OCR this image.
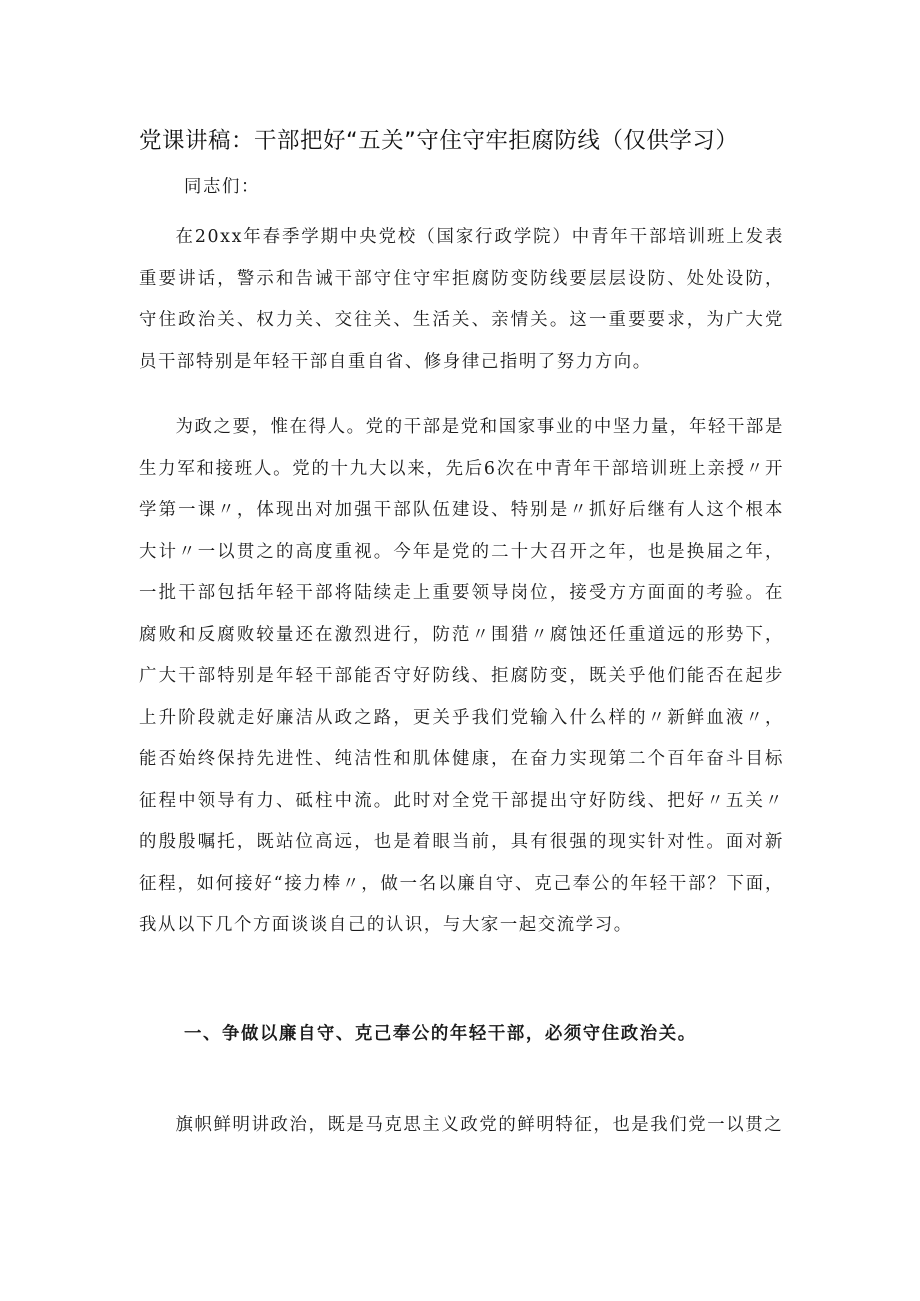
党课讲稿：干部把好“五关”守住守牢拒腐防线（仅供学习）
同志们：

在20xx年春季学期中央党校（国家行政学院）中青年干部培训班上发表重要讲话，警示和告诫干部守住守牢拒腐防变防线要层层设防、处处设防，守住政治关、权力关、交往关、生活关、亲情关。这一重要要求，为广大党员干部特别是年轻干部自重自省、修身律己指明了努力方向。

为政之要，惟在得人。党的干部是党和国家事业的中坚力量，年轻干部是生力军和接班人。党的十九大以来，先后6次在中青年干部培训班上亲授〃开学第一课〃，体现出对加强干部队伍建设、特别是〃抓好后继有人这个根本大计〃一以贯之的高度重视。今年是党的二十大召开之年，也是换届之年，一批干部包括年轻干部将陆续走上重要领导岗位，接受方方面面的考验。在腐败和反腐败较量还在激烈进行，防范〃围猎〃腐蚀还任重道远的形势下，广大干部特别是年轻干部能否守好防线、拒腐防变，既关乎他们能否在起步上升阶段就走好廉洁从政之路，更关乎我们党输入什么样的〃新鲜血液〃，能否始终保持先进性、纯洁性和肌体健康，在奋力实现第二个百年奋斗目标征程中领导有力、砥柱中流。此时对全党干部提出守好防线、把好〃五关〃的殷殷嘱托，既站位高远，也是着眼当前，具有很强的现实针对性。面对新征程，如何接好“接力棒〃，做一名以廉自守、克己奉公的年轻干部？下面，我从以下几个方面谈谈自己的认识，与大家一起交流学习。

一、争做以廉自守、克己奉公的年轻干部，必须守住政治关。

旗帜鲜明讲政治，既是马克思主义政党的鲜明特征，也是我们党一以贯之
